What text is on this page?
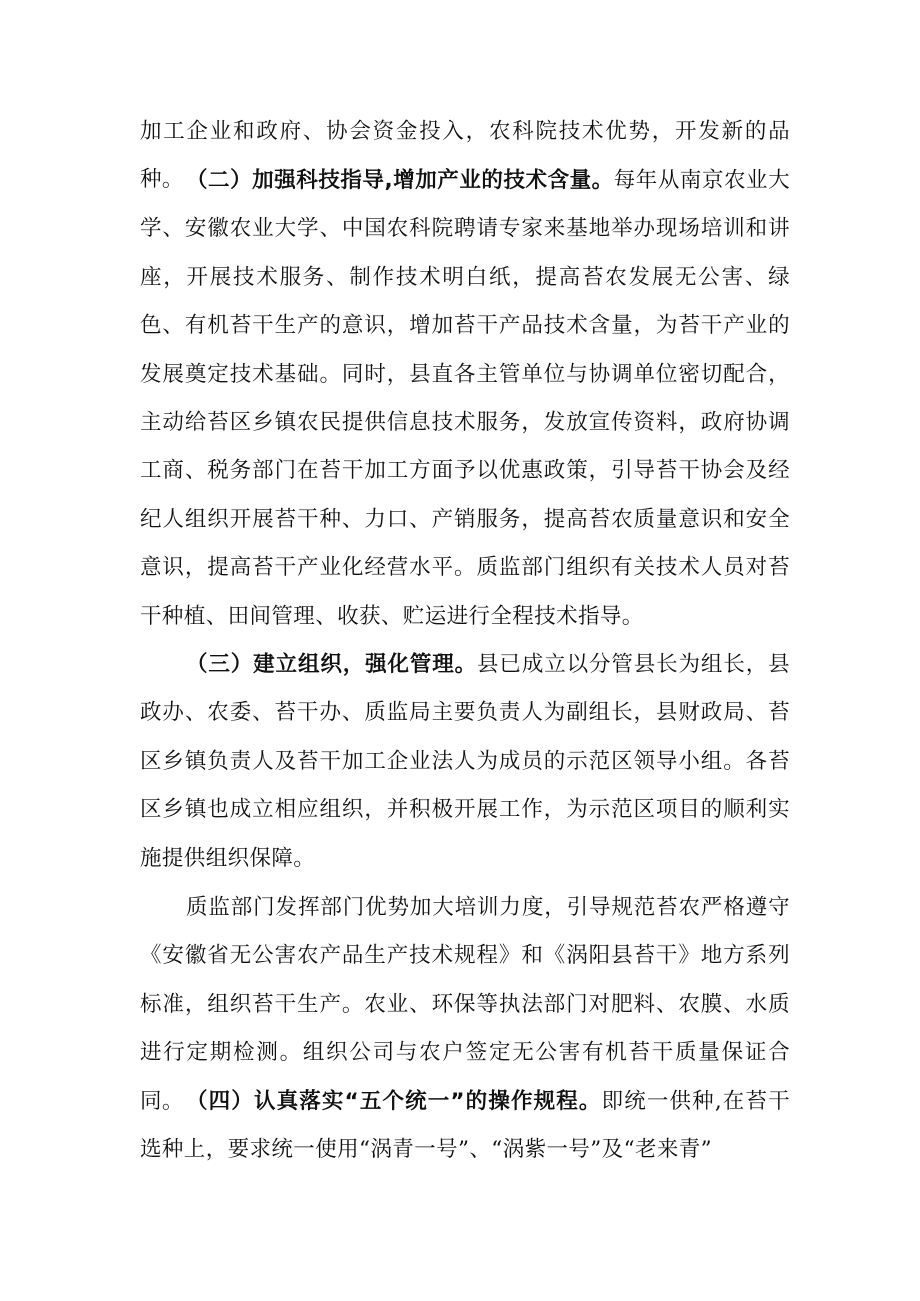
加工企业和政府、协会资金投入，农科院技术优势，开发新的品种。 （二）加强科技指导,增加产业的技术含量。每年从南京农业大学、安徽农业大学、中国农科院聘请专家来基地举办现场培训和讲座，开展技术服务、制作技术明白纸，提高苔农发展无公害、绿色、有机苔干生产的意识，增加苔干产品技术含量，为苔干产业的发展奠定技术基础。同时，县直各主管单位与协调单位密切配合，主动给苔区乡镇农民提供信息技术服务，发放宣传资料，政府协调工商、税务部门在苔干加工方面予以优惠政策，引导苔干协会及经纪人组织开展苔干种、力口、产销服务，提高苔农质量意识和安全意识，提高苔干产业化经营水平。质监部门组织有关技术人员对苔干种植、田间管理、收获、贮运进行全程技术指导。

（三）建立组织，强化管理。县已成立以分管县长为组长，县政办、农委、苔干办、质监局主要负责人为副组长，县财政局、苔区乡镇负责人及苔干加工企业法人为成员的示范区领导小组。各苔区乡镇也成立相应组织，并积极开展工作，为示范区项目的顺利实施提供组织保障。

质监部门发挥部门优势加大培训力度，引导规范苔农严格遵守《安徽省无公害农产品生产技术规程》和《涡阳县苔干》地方系列标准，组织苔干生产。农业、环保等执法部门对肥料、农膜、水质进行定期检测。组织公司与农户签定无公害有机苔干质量保证合同。 （四）认真落实“五个统一”的操作规程。即统一供种,在苔干选种上，要求统一使用“涡青一号”、“涡紫一号”及“老来青”
